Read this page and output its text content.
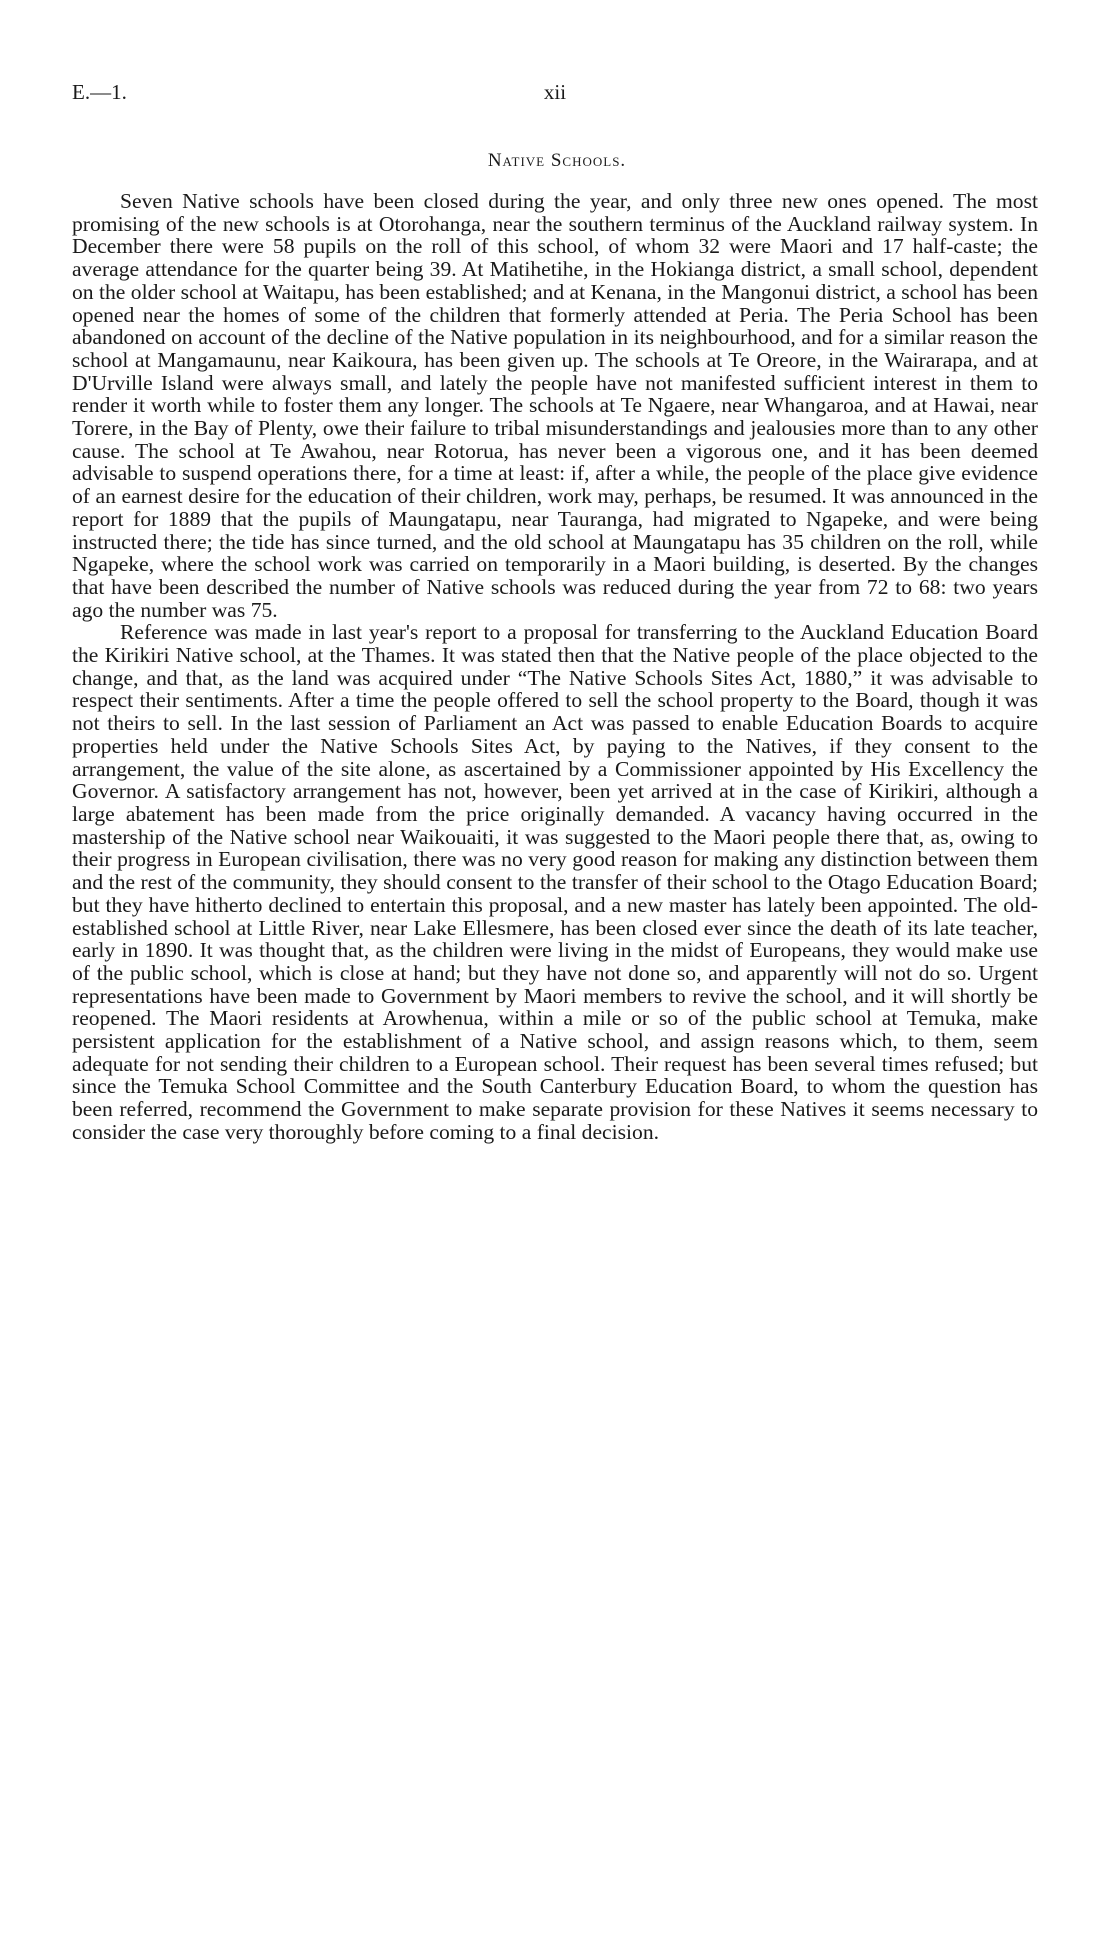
E.—1.	xii
Native Schools.

Seven Native schools have been closed during the year, and only three new ones opened. The most promising of the new schools is at Otorohanga, near the southern terminus of the Auckland railway system. In December there were 58 pupils on the roll of this school, of whom 32 were Maori and 17 half-caste; the average attendance for the quarter being 39. At Matihetihe, in the Hokianga district, a small school, dependent on the older school at Waitapu, has been established; and at Kenana, in the Mangonui district, a school has been opened near the homes of some of the children that formerly attended at Peria. The Peria School has been abandoned on account of the decline of the Native population in its neighbourhood, and for a similar reason the school at Mangamaunu, near Kaikoura, has been given up. The schools at Te Oreore, in the Wairarapa, and at D'Urville Island were always small, and lately the people have not manifested sufficient interest in them to render it worth while to foster them any longer. The schools at Te Ngaere, near Whangaroa, and at Hawai, near Torere, in the Bay of Plenty, owe their failure to tribal misunderstandings and jealousies more than to any other cause. The school at Te Awahou, near Rotorua, has never been a vigorous one, and it has been deemed advisable to suspend operations there, for a time at least: if, after a while, the people of the place give evidence of an earnest desire for the education of their children, work may, perhaps, be resumed. It was announced in the report for 1889 that the pupils of Maungatapu, near Tauranga, had migrated to Ngapeke, and were being instructed there; the tide has since turned, and the old school at Maungatapu has 35 children on the roll, while Ngapeke, where the school work was carried on temporarily in a Maori building, is deserted. By the changes that have been described the number of Native schools was reduced during the year from 72 to 68: two years ago the number was 75.

Reference was made in last year's report to a proposal for transferring to the Auckland Education Board the Kirikiri Native school, at the Thames. It was stated then that the Native people of the place objected to the change, and that, as the land was acquired under “The Native Schools Sites Act, 1880,” it was advisable to respect their sentiments. After a time the people offered to sell the school property to the Board, though it was not theirs to sell. In the last session of Parliament an Act was passed to enable Education Boards to acquire properties held under the Native Schools Sites Act, by paying to the Natives, if they consent to the arrangement, the value of the site alone, as ascertained by a Commissioner appointed by His Excellency the Governor. A satisfactory arrangement has not, however, been yet arrived at in the case of Kirikiri, although a large abatement has been made from the price originally demanded. A vacancy having occurred in the mastership of the Native school near Waikouaiti, it was suggested to the Maori people there that, as, owing to their progress in European civilisation, there was no very good reason for making any distinction between them and the rest of the community, they should consent to the transfer of their school to the Otago Education Board; but they have hitherto declined to entertain this proposal, and a new master has lately been appointed. The old-established school at Little River, near Lake Ellesmere, has been closed ever since the death of its late teacher, early in 1890. It was thought that, as the children were living in the midst of Europeans, they would make use of the public school, which is close at hand; but they have not done so, and apparently will not do so. Urgent representations have been made to Government by Maori members to revive the school, and it will shortly be reopened. The Maori residents at Arowhenua, within a mile or so of the public school at Temuka, make persistent application for the establishment of a Native school, and assign reasons which, to them, seem adequate for not sending their children to a European school. Their request has been several times refused; but since the Temuka School Committee and the South Canterbury Education Board, to whom the question has been referred, recommend the Government to make separate provision for these Natives it seems necessary to consider the case very thoroughly before coming to a final decision.
